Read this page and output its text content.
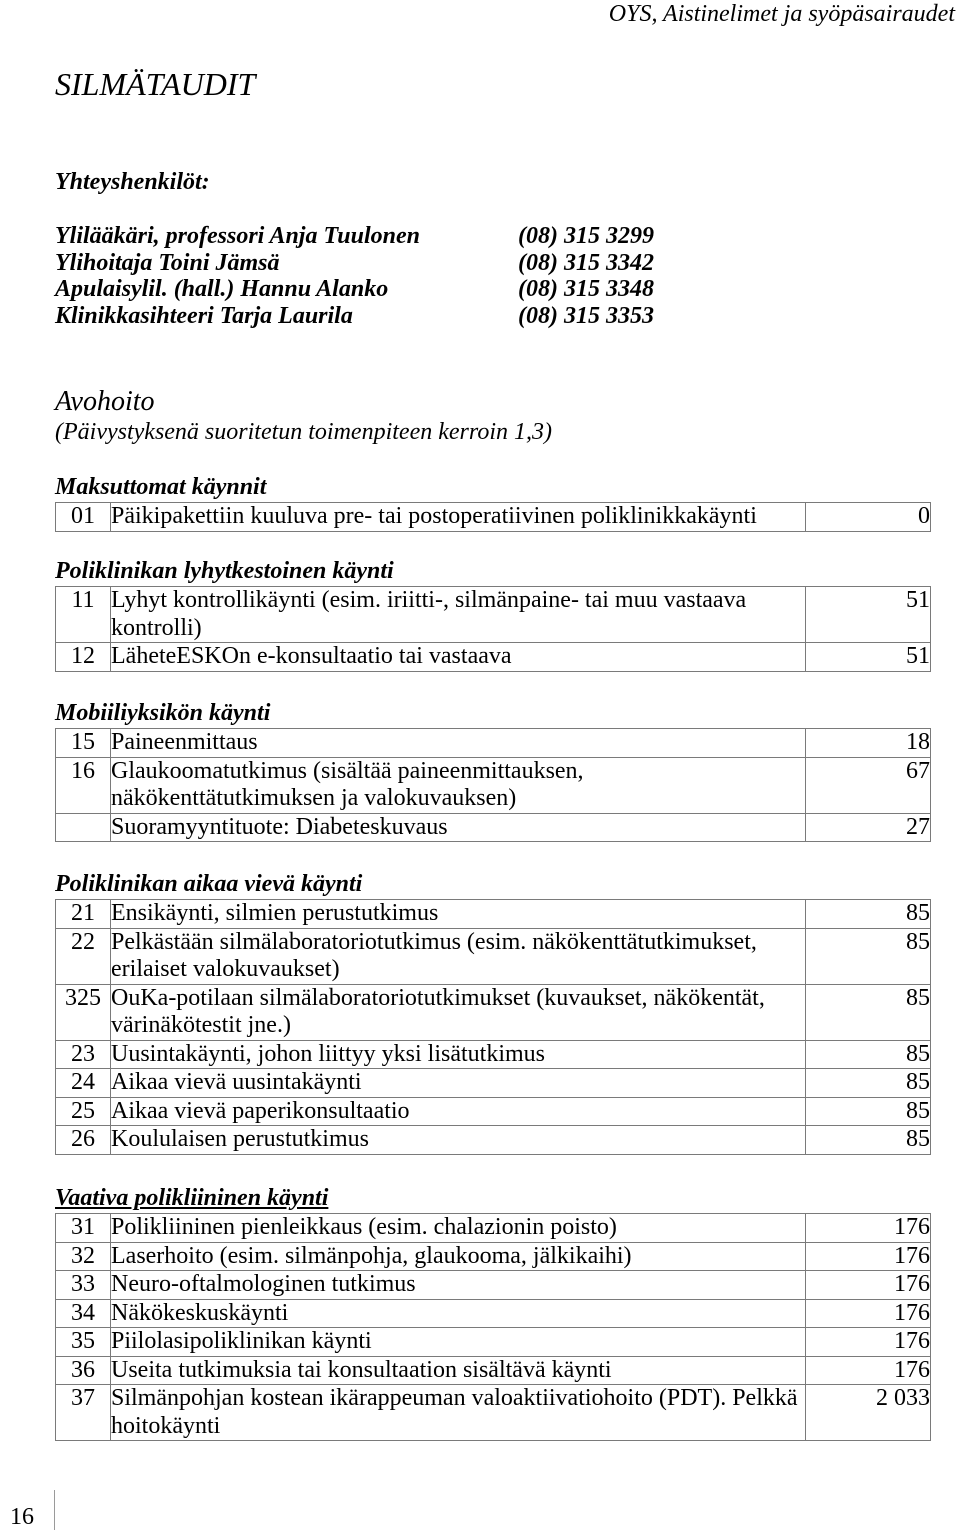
OYS, Aistinelimet ja syöpäsairaudet
SILMÄTAUDIT
Yhteyshenkilöt:
Ylilääkäri, professori Anja Tuulonen	(08) 315 3299
Ylihoitaja Toini Jämsä	(08) 315 3342
Apulaisylil. (hall.) Hannu Alanko	(08) 315 3348
Klinikkasihteeri Tarja Laurila	(08) 315 3353
Avohoito
(Päivystyksenä suoritetun toimenpiteen kerroin 1,3)
Maksuttomat käynnit
01	Päikipakettiin kuuluva pre- tai postoperatiivinen poliklinikkakäynti	0
Poliklinikan lyhytkestoinen käynti
11	Lyhyt kontrollikäynti (esim. iriitti-, silmänpaine- tai muu vastaava kontrolli)	51
12	LäheteESKOn e-konsultaatio tai vastaava	51
Mobiiliyksikön käynti
15	Paineenmittaus	18
16	Glaukoomatutkimus (sisältää paineenmittauksen, näkökenttätutkimuksen ja valokuvauksen)	67
	Suoramyyntituote: Diabeteskuvaus	27
Poliklinikan aikaa vievä käynti
21	Ensikäynti, silmien perustutkimus	85
22	Pelkästään silmälaboratoriotutkimus (esim. näkökenttätutkimukset, erilaiset valokuvaukset)	85
325	OuKa-potilaan silmälaboratoriotutkimukset (kuvaukset, näkökentät, värinäkötestit jne.)	85
23	Uusintakäynti, johon liittyy yksi lisätutkimus	85
24	Aikaa vievä uusintakäynti	85
25	Aikaa vievä paperikonsultaatio	85
26	Koululaisen perustutkimus	85
Vaativa polikliininen käynti
31	Polikliininen pienleikkaus (esim. chalazionin poisto)	176
32	Laserhoito (esim. silmänpohja, glaukooma, jälkikaihi)	176
33	Neuro-oftalmologinen tutkimus	176
34	Näkökeskuskäynti	176
35	Piilolasipoliklinikan käynti	176
36	Useita tutkimuksia tai konsultaation sisältävä käynti	176
37	Silmänpohjan kostean ikärappeuman valoaktiivatiohoito (PDT). Pelkkä hoitokäynti	2 033
16
